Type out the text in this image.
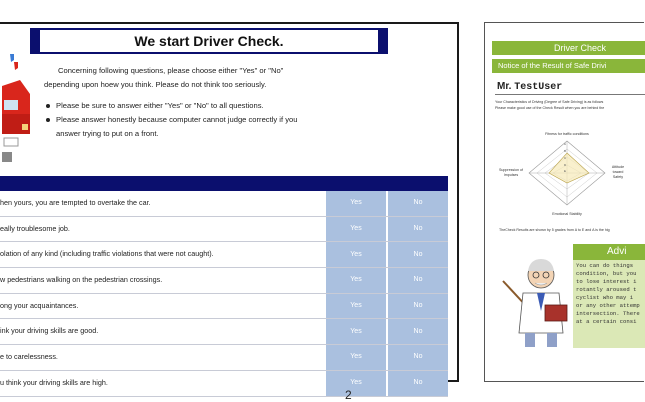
We start Driver Check.

Concerning following questions, please choose either "Yes" or "No"

depending upon hoew you think. Please do not think too seriously.
Please be sure to answer either "Yes" or "No" to all questions.
Please answer honestly because computer cannot judge correctly if you
answer trying to put on a front.
hen yours, you are tempted to overtake the car.	Yes	No
eally troublesome job.	Yes	No
olation of any kind (including traffic violations that were not caught).	Yes	No
w pedestrians walking on the pedestrian crossings.	Yes	No
ong your acquaintances.	Yes	No
ink your driving skills are good.	Yes	No
e to carelessness.	Yes	No
u think your driving skills are high.	Yes	No
2
Driver Check
Notice of the Result of Safe Drivi
Mr. TestUser
Your Characteristics of Driving (Degree of Safe Driving) is as follows
Please make good use of the Check Result when you are behind the
Fitness for traffic conditions
Suppression of
Impulses
Attitude
toward
Safety
Emotional Stability
A
B
C
D
E
TheCheck Results are shown by 5 grades from A to E and A is the hig
Advi
You can do things
condition, but you
to lose interest i
rotantly aroused t
cyclist who may i
or any other attemp
intersection. There
at a certain consi
